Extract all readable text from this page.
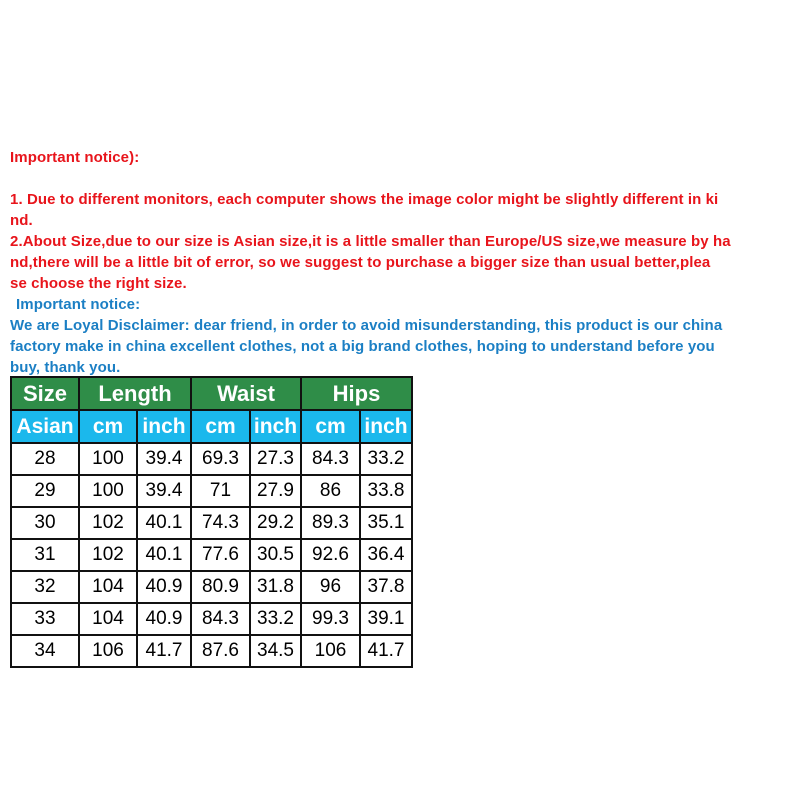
Important notice):
1. Due to different monitors, each computer shows the image color might be slightly different in ki
nd.
2.About Size,due to our size is Asian size,it is a little smaller than Europe/US size,we measure by ha
nd,there will be a little bit of error, so we suggest to purchase a bigger size than usual better,plea
se choose the right size.
Important notice:
We are Loyal Disclaimer: dear friend, in order to avoid misunderstanding, this product is our china
factory make in china excellent clothes, not a big brand clothes, hoping to understand before you
buy, thank you.
Size	Length		Waist		Hips	
Asian	cm	inch	cm	inch	cm	inch
28	100	39.4	69.3	27.3	84.3	33.2
29	100	39.4	71	27.9	86	33.8
30	102	40.1	74.3	29.2	89.3	35.1
31	102	40.1	77.6	30.5	92.6	36.4
32	104	40.9	80.9	31.8	96	37.8
33	104	40.9	84.3	33.2	99.3	39.1
34	106	41.7	87.6	34.5	106	41.7
